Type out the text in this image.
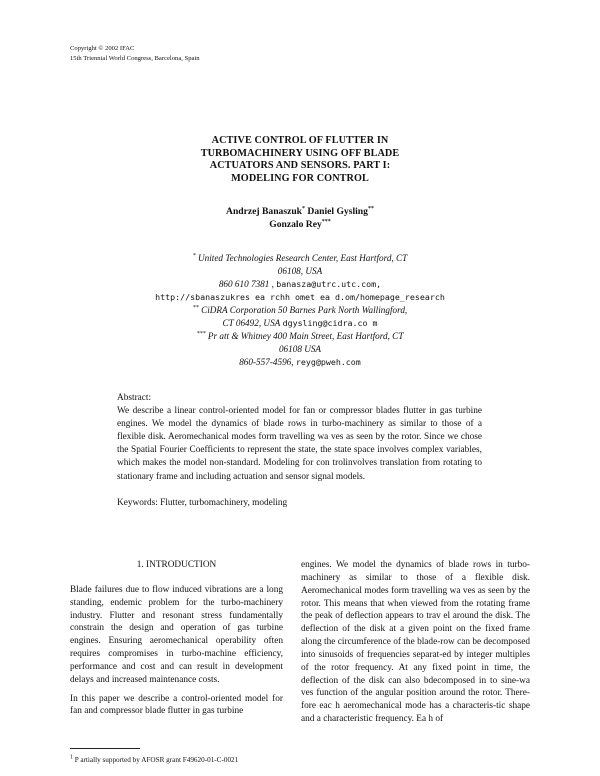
Copyright © 2002 IFAC
15th Triennial World Congress, Barcelona, Spain
ACTIVE CONTROL OF FLUTTER IN
TURBOMACHINERY USING OFF BLADE
ACTUATORS AND SENSORS. PART I:
MODELING FOR CONTROL
Andrzej Banaszuk* Daniel Gysling**
Gonzalo Rey***
* United Technologies Research Center, East Hartford, CT
06108, USA
860 610 7381 , banasza@utrc.utc.com,
http://sbanaszukres ea rchh omet ea d.om/homepage_research
** CiDRA Corporation 50 Barnes Park North Wallingford,
CT 06492, USA dgysling@cidra.co m
*** Pr att & Whitney 400 Main Street, East Hartford, CT
06108 USA
860-557-4596, reyg@pweh.com
Abstract:
We describe a linear control-oriented model for fan or compressor blades flutter in gas turbine engines. We model the dynamics of blade rows in turbo-machinery as similar to those of a flexible disk. Aeromechanical modes form travelling wa ves as seen by the rotor. Since we chose the Spatial Fourier Coefficients to represent the state, the state space involves complex variables, which makes the model non-standard. Modeling for con trolinvolves translation from rotating to stationary frame and including actuation and sensor signal models.
Keywords: Flutter, turbomachinery, modeling

1. INTRODUCTION

Blade failures due to flow induced vibrations are a long standing, endemic problem for the turbo-machinery industry. Flutter and resonant stress fundamentally constrain the design and operation of gas turbine engines. Ensuring aeromechanical operability often requires compromises in turbo-machine efficiency, performance and cost and can result in development delays and increased maintenance costs.

In this paper we describe a control-oriented model for fan and compressor blade flutter in gas turbine

engines. We model the dynamics of blade rows in turbo-machinery as similar to those of a flexible disk. Aeromechanical modes form travelling wa ves as seen by the rotor. This means that when viewed from the rotating frame the peak of deflection appears to trav el around the disk. The deflection of the disk at a given point on the fixed frame along the circumference of the blade-row can be decomposed into sinusoids of frequencies separat-ed by integer multiples of the rotor frequency. At any fixed point in time, the deflection of the disk can also bdecomposed in to sine-wa ves function of the angular position around the rotor. There-fore eac h aeromechanical mode has a characteris-tic shape and a characteristic frequency. Ea h of

$^1$ P artially supported by AFOSR grant F49620-01-C-0021
